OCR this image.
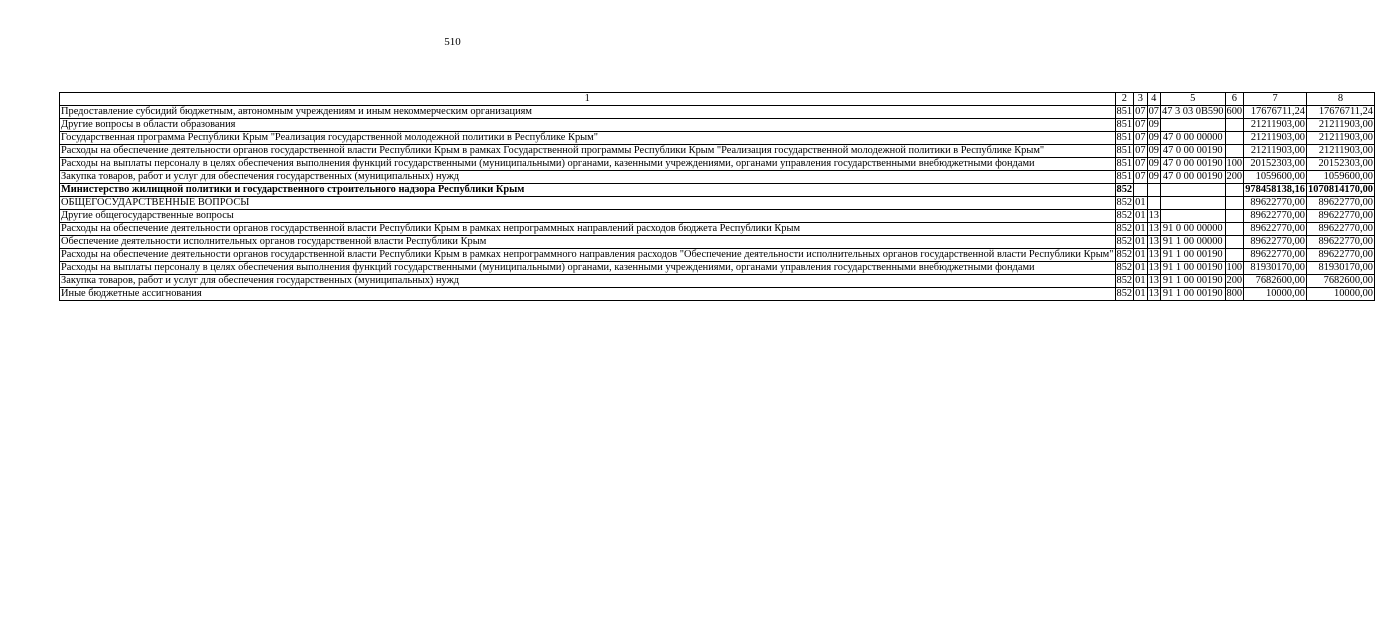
510
1	2	3	4	5	6	7	8
Предоставление субсидий бюджетным, автономным учреждениям и иным некоммерческим организациям	851	07	07	47 3 03 0В590	600	17676711,24	17676711,24
Другие вопросы в области образования	851	07	09			21211903,00	21211903,00
Государственная программа Республики Крым "Реализация государственной молодежной политики в Республике Крым"	851	07	09	47 0 00 00000		21211903,00	21211903,00
Расходы на обеспечение деятельности органов государственной власти Республики Крым в рамках Государственной программы Республики Крым "Реализация государственной молодежной политики в Республике Крым"	851	07	09	47 0 00 00190		21211903,00	21211903,00
Расходы на выплаты персоналу в целях обеспечения выполнения функций государственными (муниципальными) органами, казенными учреждениями, органами управления государственными внебюджетными фондами	851	07	09	47 0 00 00190	100	20152303,00	20152303,00
Закупка товаров, работ и услуг для обеспечения государственных (муниципальных) нужд	851	07	09	47 0 00 00190	200	1059600,00	1059600,00
Министерство жилищной политики и государственного строительного надзора Республики Крым	852					978458138,16	1070814170,00
ОБЩЕГОСУДАРСТВЕННЫЕ ВОПРОСЫ	852	01				89622770,00	89622770,00
Другие общегосударственные вопросы	852	01	13			89622770,00	89622770,00
Расходы на обеспечение деятельности органов государственной власти Республики Крым в рамках непрограммных направлений расходов бюджета Республики Крым	852	01	13	91 0 00 00000		89622770,00	89622770,00
Обеспечение деятельности исполнительных органов государственной власти Республики Крым	852	01	13	91 1 00 00000		89622770,00	89622770,00
Расходы на обеспечение деятельности органов государственной власти Республики Крым в рамках непрограммного направления расходов "Обеспечение деятельности исполнительных органов государственной власти Республики Крым"	852	01	13	91 1 00 00190		89622770,00	89622770,00
Расходы на выплаты персоналу в целях обеспечения выполнения функций государственными (муниципальными) органами, казенными учреждениями, органами управления государственными внебюджетными фондами	852	01	13	91 1 00 00190	100	81930170,00	81930170,00
Закупка товаров, работ и услуг для обеспечения государственных (муниципальных) нужд	852	01	13	91 1 00 00190	200	7682600,00	7682600,00
Иные бюджетные ассигнования	852	01	13	91 1 00 00190	800	10000,00	10000,00
